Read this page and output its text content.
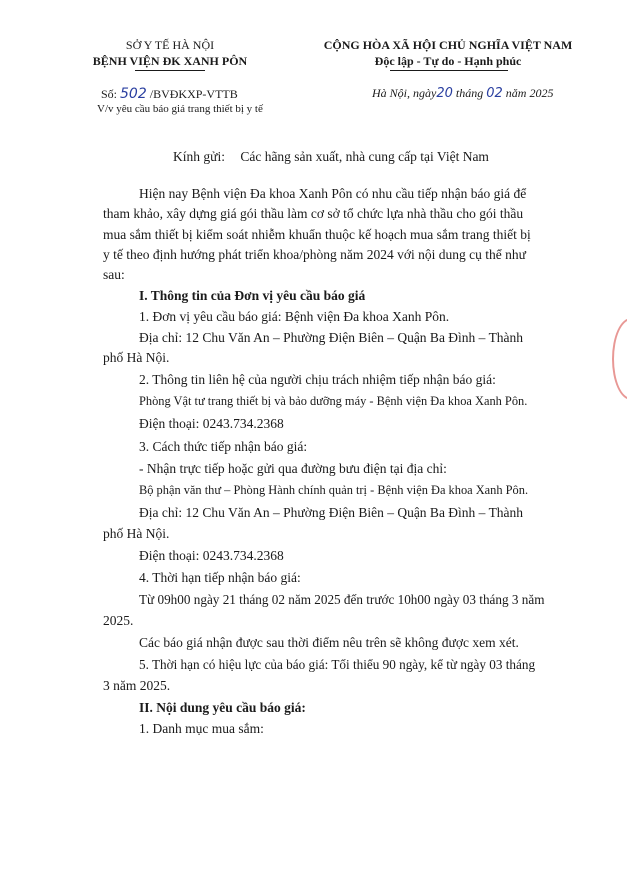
SỞ Y TẾ HÀ NỘI
BỆNH VIỆN ĐK XANH PÔN
Số: 502 /BVĐKXP-VTTB
V/v yêu cầu báo giá trang thiết bị y tế
CỘNG HÒA XÃ HỘI CHỦ NGHĨA VIỆT NAM
Độc lập - Tự do - Hạnh phúc
Hà Nội, ngày20 tháng 02 năm 2025
Kính gửi: Các hãng sản xuất, nhà cung cấp tại Việt Nam
Hiện nay Bệnh viện Đa khoa Xanh Pôn có nhu cầu tiếp nhận báo giá để
tham khảo, xây dựng giá gói thầu làm cơ sở tổ chức lựa nhà thầu cho gói thầu
mua sắm thiết bị kiểm soát nhiễm khuẩn thuộc kế hoạch mua sắm trang thiết bị
y tế theo định hướng phát triển khoa/phòng năm 2024 với nội dung cụ thể như
sau:
I. Thông tin của Đơn vị yêu cầu báo giá
1. Đơn vị yêu cầu báo giá: Bệnh viện Đa khoa Xanh Pôn.
Địa chỉ: 12 Chu Văn An – Phường Điện Biên – Quận Ba Đình – Thành
phố Hà Nội.
2. Thông tin liên hệ của người chịu trách nhiệm tiếp nhận báo giá:
Phòng Vật tư trang thiết bị và bảo dưỡng máy - Bệnh viện Đa khoa Xanh Pôn.
Điện thoại: 0243.734.2368
3. Cách thức tiếp nhận báo giá:
- Nhận trực tiếp hoặc gửi qua đường bưu điện tại địa chỉ:
Bộ phận văn thư – Phòng Hành chính quản trị - Bệnh viện Đa khoa Xanh Pôn.
Địa chỉ: 12 Chu Văn An – Phường Điện Biên – Quận Ba Đình – Thành
phố Hà Nội.
Điện thoại: 0243.734.2368
4. Thời hạn tiếp nhận báo giá:
Từ 09h00 ngày 21 tháng 02 năm 2025 đến trước 10h00 ngày 03 tháng 3 năm
2025.
Các báo giá nhận được sau thời điểm nêu trên sẽ không được xem xét.
5. Thời hạn có hiệu lực của báo giá: Tối thiểu 90 ngày, kể từ ngày 03 tháng
3 năm 2025.
II. Nội dung yêu cầu báo giá:
1. Danh mục mua sắm:
